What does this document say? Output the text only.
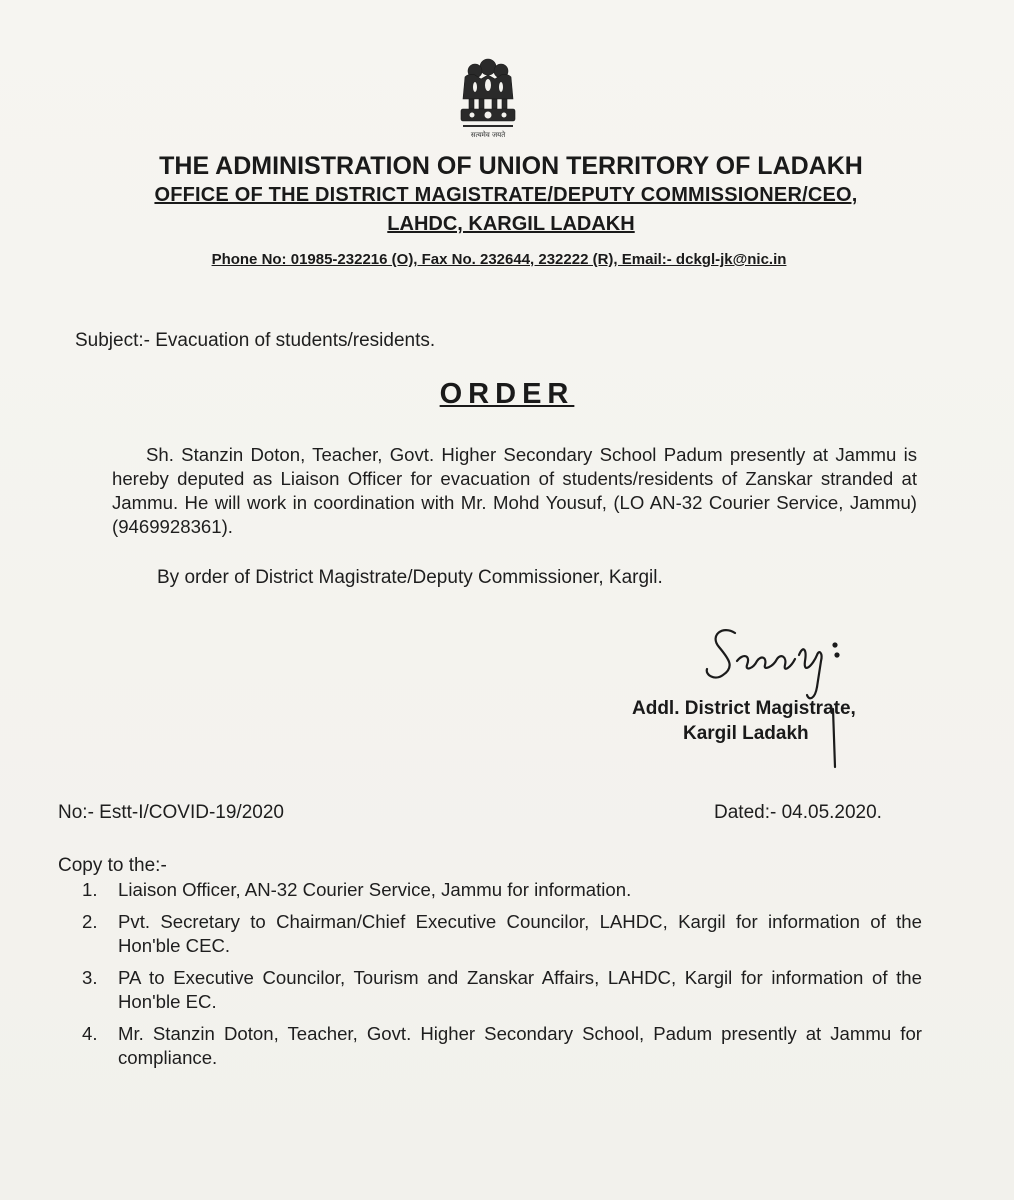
सत्यमेव जयते
THE ADMINISTRATION OF UNION TERRITORY OF LADAKH
OFFICE OF THE DISTRICT MAGISTRATE/DEPUTY COMMISSIONER/CEO,
LAHDC, KARGIL LADAKH
Phone No: 01985-232216 (O), Fax No. 232644, 232222 (R), Email:- dckgl-jk@nic.in
Subject:- Evacuation of students/residents.
ORDER
Sh. Stanzin Doton, Teacher, Govt. Higher Secondary School Padum presently at Jammu is hereby deputed as Liaison Officer for evacuation of students/residents of Zanskar stranded at Jammu. He will work in coordination with Mr. Mohd Yousuf, (LO AN-32 Courier Service, Jammu) (9469928361).
By order of District Magistrate/Deputy Commissioner, Kargil.
Addl. District Magistrate,
Kargil Ladakh
No:- Estt-I/COVID-19/2020	Dated:- 04.05.2020.
Copy to the:-
1. Liaison Officer, AN-32 Courier Service, Jammu for information.
2. Pvt. Secretary to Chairman/Chief Executive Councilor, LAHDC, Kargil for information of the Hon'ble CEC.
3. PA to Executive Councilor, Tourism and Zanskar Affairs, LAHDC, Kargil for information of the Hon'ble EC.
4. Mr. Stanzin Doton, Teacher, Govt. Higher Secondary School, Padum presently at Jammu for compliance.
